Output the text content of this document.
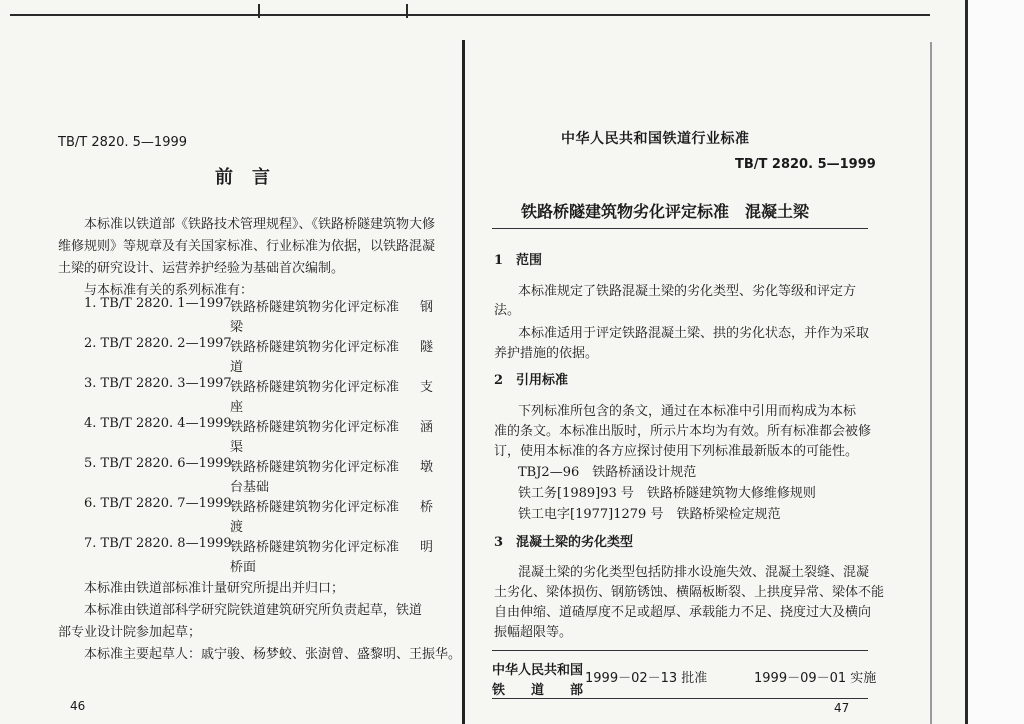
TB/T 2820. 5—1999
前　言
本标准以铁道部《铁路技术管理规程》、《铁路桥隧建筑物大修
维修规则》等规章及有关国家标准、行业标准为依据，以铁路混凝
土梁的研究设计、运营养护经验为基础首次编制。
与本标准有关的系列标准有：
1. TB/T 2820. 1—1997
铁路桥隧建筑物劣化评定标准 钢
梁
2. TB/T 2820. 2—1997
铁路桥隧建筑物劣化评定标准 隧
道
3. TB/T 2820. 3—1997
铁路桥隧建筑物劣化评定标准 支
座
4. TB/T 2820. 4—1999
铁路桥隧建筑物劣化评定标准 涵
渠
5. TB/T 2820. 6—1999
铁路桥隧建筑物劣化评定标准 墩
台基础
6. TB/T 2820. 7—1999
铁路桥隧建筑物劣化评定标准 桥
渡
7. TB/T 2820. 8—1999
铁路桥隧建筑物劣化评定标准 明
桥面
本标准由铁道部标准计量研究所提出并归口；
本标准由铁道部科学研究院铁道建筑研究所负责起草，铁道
部专业设计院参加起草；
本标准主要起草人：戚宁骏、杨梦蛟、张澍曾、盛黎明、王振华。
46
中华人民共和国铁道行业标准
TB/T 2820. 5—1999
铁路桥隧建筑物劣化评定标准　混凝土梁
1　范围
本标准规定了铁路混凝土梁的劣化类型、劣化等级和评定方
法。
本标准适用于评定铁路混凝土梁、拱的劣化状态，并作为采取
养护措施的依据。
2　引用标准
下列标准所包含的条文，通过在本标准中引用而构成为本标
准的条文。本标准出版时，所示片本均为有效。所有标准都会被修
订，使用本标准的各方应探讨使用下列标准最新版本的可能性。
TBJ2—96　铁路桥涵设计规范
铁工务[1989]93 号　铁路桥隧建筑物大修维修规则
铁工电字[1977]1279 号　铁路桥梁检定规范
3　混凝土梁的劣化类型
混凝土梁的劣化类型包括防排水设施失效、混凝土裂缝、混凝
土劣化、梁体损伤、钢筋锈蚀、横隔板断裂、上拱度异常、梁体不能
自由伸缩、道碴厚度不足或超厚、承载能力不足、挠度过大及横向
振幅超限等。
中华人民共和国
铁　　道　　部
1999－02－13 批准	1999－09－01 实施
47
